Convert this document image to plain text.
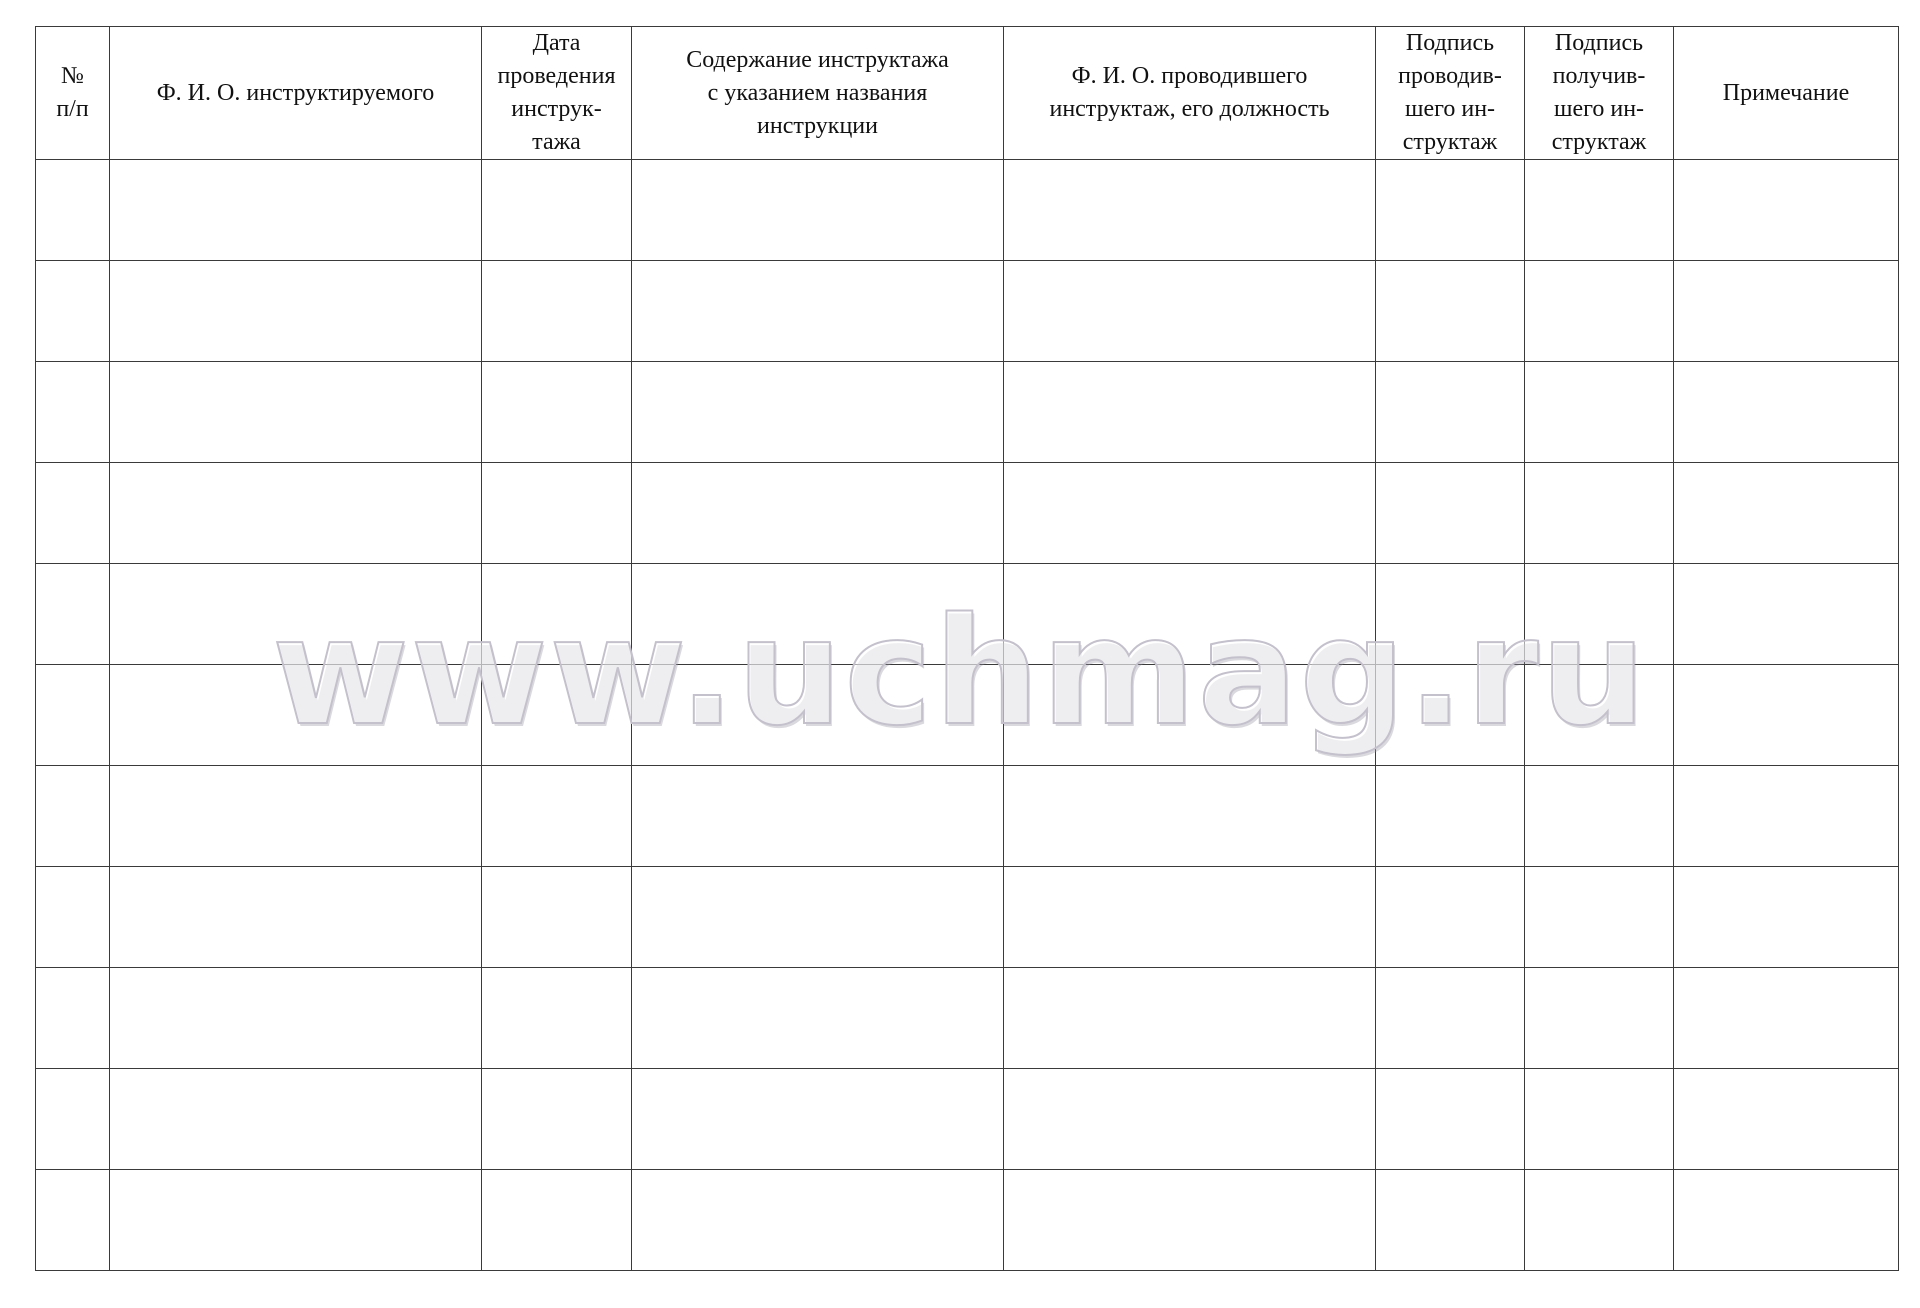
№
п/п	Ф. И. О. инструктируемого	Дата
проведения
инструк-
тажа	Содержание инструктажа
с указанием названия
инструкции	Ф. И. О. проводившего
инструктаж, его должность	Подпись
проводив-
шего ин-
структаж	Подпись
получив-
шего ин-
структаж	Примечание

www.uchmag.ru
